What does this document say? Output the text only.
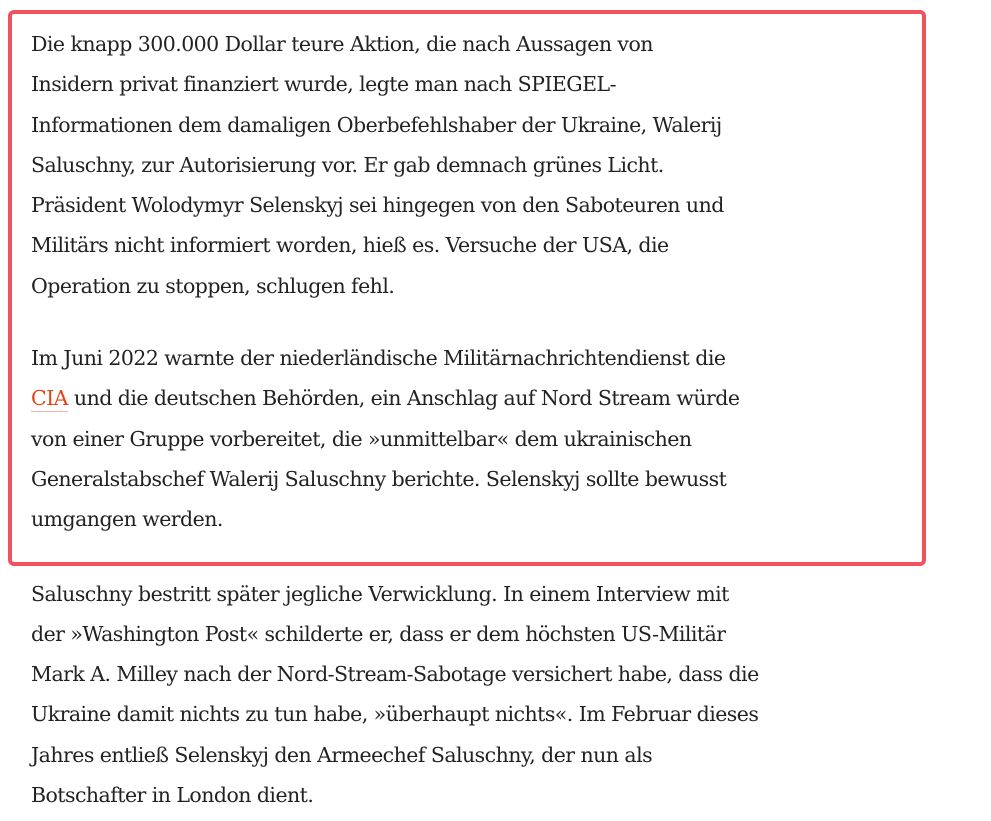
Die knapp 300.000 Dollar teure Aktion, die nach Aussagen von
Insidern privat finanziert wurde, legte man nach SPIEGEL-
Informationen dem damaligen Oberbefehlshaber der Ukraine, Walerij
Saluschny, zur Autorisierung vor. Er gab demnach grünes Licht.
Präsident Wolodymyr Selenskyj sei hingegen von den Saboteuren und
Militärs nicht informiert worden, hieß es. Versuche der USA, die
Operation zu stoppen, schlugen fehl.

Im Juni 2022 warnte der niederländische Militärnachrichtendienst die
CIA und die deutschen Behörden, ein Anschlag auf Nord Stream würde
von einer Gruppe vorbereitet, die »unmittelbar« dem ukrainischen
Generalstabschef Walerij Saluschny berichte. Selenskyj sollte bewusst
umgangen werden.

Saluschny bestritt später jegliche Verwicklung. In einem Interview mit
der »Washington Post« schilderte er, dass er dem höchsten US-Militär
Mark A. Milley nach der Nord-Stream-Sabotage versichert habe, dass die
Ukraine damit nichts zu tun habe, »überhaupt nichts«. Im Februar dieses
Jahres entließ Selenskyj den Armeechef Saluschny, der nun als
Botschafter in London dient.
